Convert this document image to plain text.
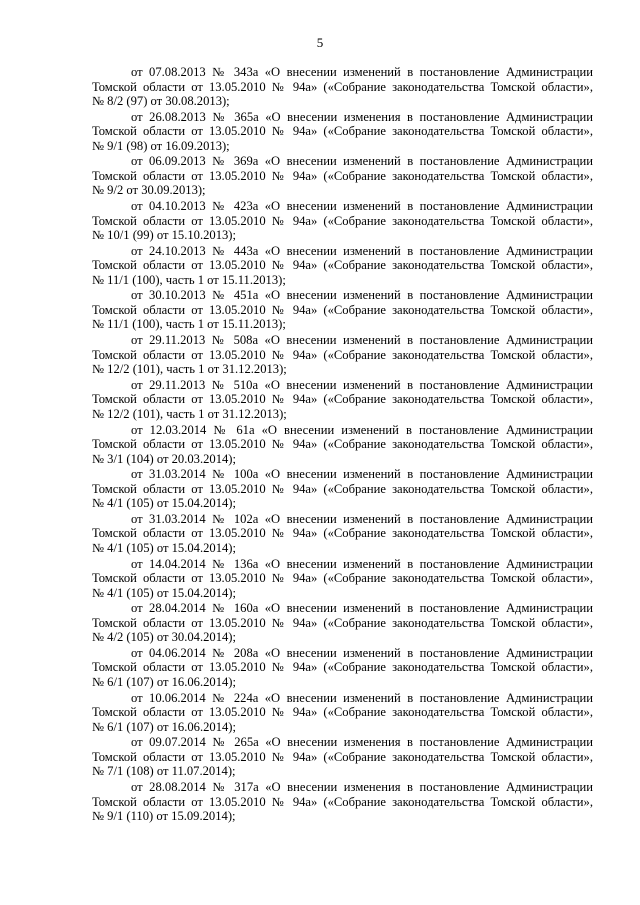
5
от 07.08.2013 № 343а «О внесении изменений в постановление Администрации
Томской области от 13.05.2010 № 94а» («Собрание законодательства Томской области»,
№ 8/2 (97) от 30.08.2013);
от 26.08.2013 № 365а «О внесении изменения в постановление Администрации
Томской области от 13.05.2010 № 94а» («Собрание законодательства Томской области»,
№ 9/1 (98) от 16.09.2013);
от 06.09.2013 № 369а «О внесении изменений в постановление Администрации
Томской области от 13.05.2010 № 94а» («Собрание законодательства Томской области»,
№ 9/2 от 30.09.2013);
от 04.10.2013 № 423а «О внесении изменений в постановление Администрации
Томской области от 13.05.2010 № 94а» («Собрание законодательства Томской области»,
№ 10/1 (99) от 15.10.2013);
от 24.10.2013 № 443а «О внесении изменений в постановление Администрации
Томской области от 13.05.2010 № 94а» («Собрание законодательства Томской области»,
№ 11/1 (100), часть 1 от 15.11.2013);
от 30.10.2013 № 451а «О внесении изменений в постановление Администрации
Томской области от 13.05.2010 № 94а» («Собрание законодательства Томской области»,
№ 11/1 (100), часть 1 от 15.11.2013);
от 29.11.2013 № 508а «О внесении изменений в постановление Администрации
Томской области от 13.05.2010 № 94а» («Собрание законодательства Томской области»,
№ 12/2 (101), часть 1 от 31.12.2013);
от 29.11.2013 № 510а «О внесении изменений в постановление Администрации
Томской области от 13.05.2010 № 94а» («Собрание законодательства Томской области»,
№ 12/2 (101), часть 1 от 31.12.2013);
от 12.03.2014 № 61а «О внесении изменений в постановление Администрации
Томской области от 13.05.2010 № 94а» («Собрание законодательства Томской области»,
№ 3/1 (104) от 20.03.2014);
от 31.03.2014 № 100а «О внесении изменений в постановление Администрации
Томской области от 13.05.2010 № 94а» («Собрание законодательства Томской области»,
№ 4/1 (105) от 15.04.2014);
от 31.03.2014 № 102а «О внесении изменений в постановление Администрации
Томской области от 13.05.2010 № 94а» («Собрание законодательства Томской области»,
№ 4/1 (105) от 15.04.2014);
от 14.04.2014 № 136а «О внесении изменений в постановление Администрации
Томской области от 13.05.2010 № 94а» («Собрание законодательства Томской области»,
№ 4/1 (105) от 15.04.2014);
от 28.04.2014 № 160а «О внесении изменений в постановление Администрации
Томской области от 13.05.2010 № 94а» («Собрание законодательства Томской области»,
№ 4/2 (105) от 30.04.2014);
от 04.06.2014 № 208а «О внесении изменений в постановление Администрации
Томской области от 13.05.2010 № 94а» («Собрание законодательства Томской области»,
№ 6/1 (107) от 16.06.2014);
от 10.06.2014 № 224а «О внесении изменений в постановление Администрации
Томской области от 13.05.2010 № 94а» («Собрание законодательства Томской области»,
№ 6/1 (107) от 16.06.2014);
от 09.07.2014 № 265а «О внесении изменения в постановление Администрации
Томской области от 13.05.2010 № 94а» («Собрание законодательства Томской области»,
№ 7/1 (108) от 11.07.2014);
от 28.08.2014 № 317а «О внесении изменения в постановление Администрации
Томской области от 13.05.2010 № 94а» («Собрание законодательства Томской области»,
№ 9/1 (110) от 15.09.2014);
